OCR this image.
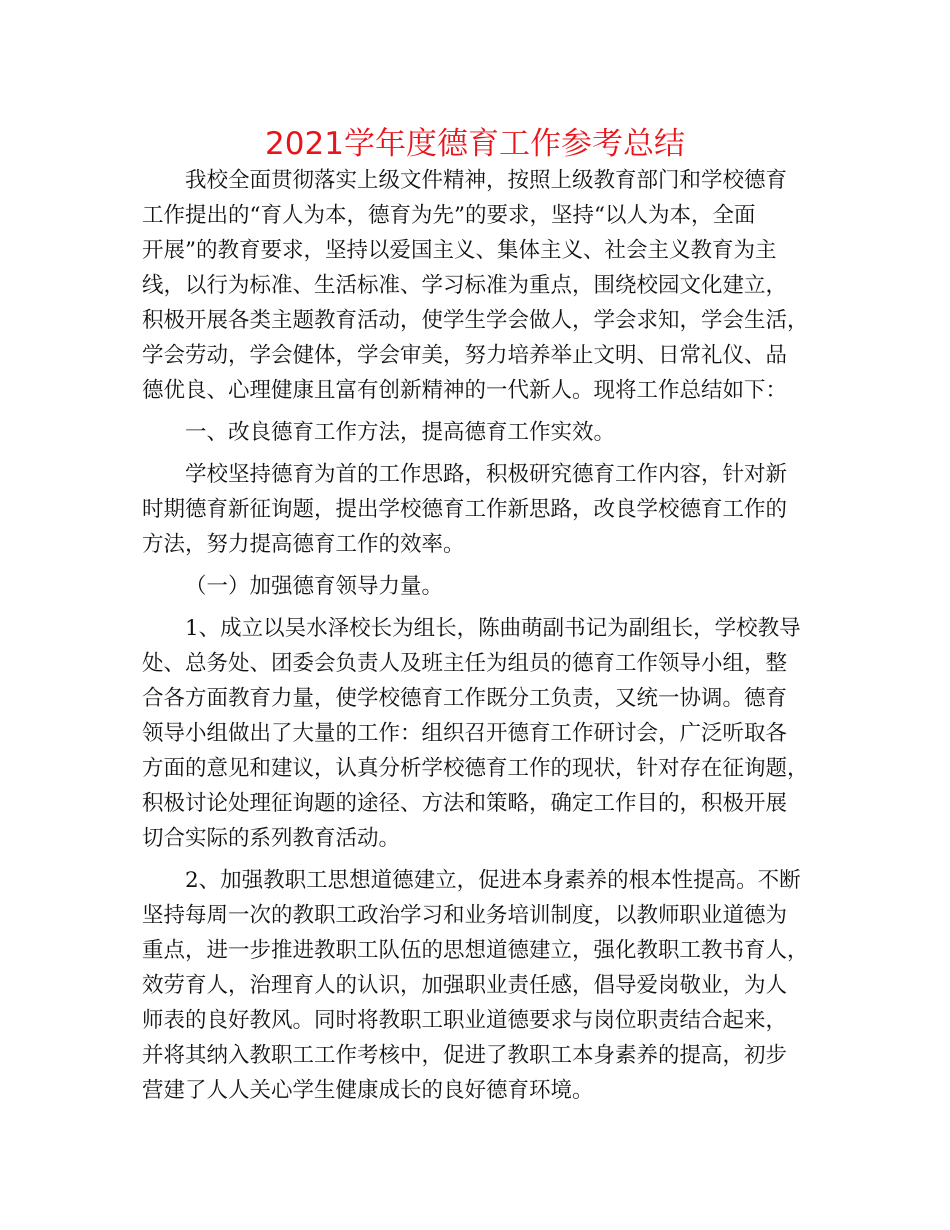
2021学年度德育工作参考总结

我校全面贯彻落实上级文件精神，按照上级教育部门和学校德育

工作提出的“育人为本，德育为先”的要求，坚持“以人为本，全面

开展”的教育要求，坚持以爱国主义、集体主义、社会主义教育为主

线，以行为标准、生活标准、学习标准为重点，围绕校园文化建立，

积极开展各类主题教育活动，使学生学会做人，学会求知，学会生活，

学会劳动，学会健体，学会审美，努力培养举止文明、日常礼仪、品

德优良、心理健康且富有创新精神的一代新人。现将工作总结如下：

一、改良德育工作方法，提高德育工作实效。

学校坚持德育为首的工作思路，积极研究德育工作内容，针对新

时期德育新征询题，提出学校德育工作新思路，改良学校德育工作的

方法，努力提高德育工作的效率。

（一）加强德育领导力量。

1、成立以吴水泽校长为组长，陈曲萌副书记为副组长，学校教导

处、总务处、团委会负责人及班主任为组员的德育工作领导小组，整

合各方面教育力量，使学校德育工作既分工负责，又统一协调。德育

领导小组做出了大量的工作：组织召开德育工作研讨会，广泛听取各

方面的意见和建议，认真分析学校德育工作的现状，针对存在征询题，

积极讨论处理征询题的途径、方法和策略，确定工作目的，积极开展

切合实际的系列教育活动。

2、加强教职工思想道德建立，促进本身素养的根本性提高。不断

坚持每周一次的教职工政治学习和业务培训制度，以教师职业道德为

重点，进一步推进教职工队伍的思想道德建立，强化教职工教书育人，

效劳育人，治理育人的认识，加强职业责任感，倡导爱岗敬业，为人

师表的良好教风。同时将教职工职业道德要求与岗位职责结合起来，

并将其纳入教职工工作考核中，促进了教职工本身素养的提高，初步

营建了人人关心学生健康成长的良好德育环境。
